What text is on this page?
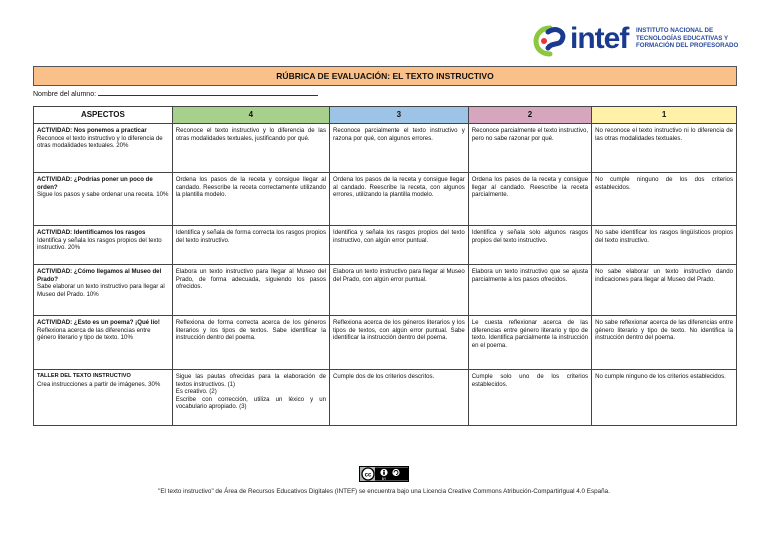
intef INSTITUTO NACIONAL DE
TECNOLOGÍAS EDUCATIVAS Y
FORMACIÓN DEL PROFESORADO
RÚBRICA DE EVALUACIÓN: EL TEXTO INSTRUCTIVO
Nombre del alumno:
ASPECTOS	4	3	2	1

ACTIVIDAD: Nos ponemos a practicar
Reconoce el texto instructivo y lo diferencia de otras modalidades textuales. 20%	Reconoce el texto instructivo y lo diferencia de las otras modalidades textuales, justificando por qué.	Reconoce parcialmente el texto instructivo y razona por qué, con algunos errores.	Reconoce parcialmente el texto instructivo, pero no sabe razonar por qué.	No reconoce el texto instructivo ni lo diferencia de las otras modalidades textuales.

ACTIVIDAD: ¿Podrías poner un poco de orden?
Sigue los pasos y sabe ordenar una receta. 10%	Ordena los pasos de la receta y consigue llegar al candado. Reescribe la receta correctamente utilizando la plantilla modelo.	Ordena los pasos de la receta y consigue llegar al candado. Reescribe la receta, con algunos errores, utilizando la plantilla modelo.	Ordena los pasos de la receta y consigue llegar al candado. Reescribe la receta parcialmente.	No cumple ninguno de los dos criterios establecidos.

ACTIVIDAD: Identificamos los rasgos
Identifica y señala los rasgos propios del texto instructivo. 20%	Identifica y señala de forma correcta los rasgos propios del texto instructivo.	Identifica y señala los rasgos propios del texto instructivo, con algún error puntual.	Identifica y señala solo algunos rasgos propios del texto instructivo.	No sabe identificar los rasgos lingüísticos propios del texto instructivo.

ACTIVIDAD: ¿Cómo llegamos al Museo del Prado?
Sabe elaborar un texto instructivo para llegar al Museo del Prado. 10%	Elabora un texto instructivo para llegar al Museo del Prado, de forma adecuada, siguiendo los pasos ofrecidos.	Elabora un texto instructivo para llegar al Museo del Prado, con algún error puntual.	Elabora un texto instructivo que se ajusta parcialmente a los pasos ofrecidos.	No sabe elaborar un texto instructivo dando indicaciones para llegar al Museo del Prado.

ACTIVIDAD: ¿Esto es un poema? ¡Qué lío!
Reflexiona acerca de las diferencias entre género literario y tipo de texto. 10%	Reflexiona de forma correcta acerca de los géneros literarios y los tipos de textos. Sabe identificar la instrucción dentro del poema.	Reflexiona acerca de los géneros literarios y los tipos de textos, con algún error puntual. Sabe identificar la instrucción dentro del poema.	Le cuesta reflexionar acerca de las diferencias entre género literario y tipo de texto. Identifica parcialmente la instrucción en el poema.	No sabe reflexionar acerca de las diferencias entre género literario y tipo de texto. No identifica la instrucción dentro del poema.

TALLER DEL TEXTO INSTRUCTIVO
Crea instrucciones a partir de imágenes. 30%	Sigue las pautas ofrecidas para la elaboración de textos instructivos. (1)
Es creativo. (2)
Escribe con corrección, utiliza un léxico y un vocabulario apropiado. (3)	Cumple dos de los criterios descritos.	Cumple solo uno de los criterios establecidos.	No cumple ninguno de los criterios establecidos.
cc
BY
"El texto instructivo" de Área de Recursos Educativos Digitales (INTEF) se encuentra bajo una Licencia Creative Commons Atribución-CompartirIgual 4.0 España.
